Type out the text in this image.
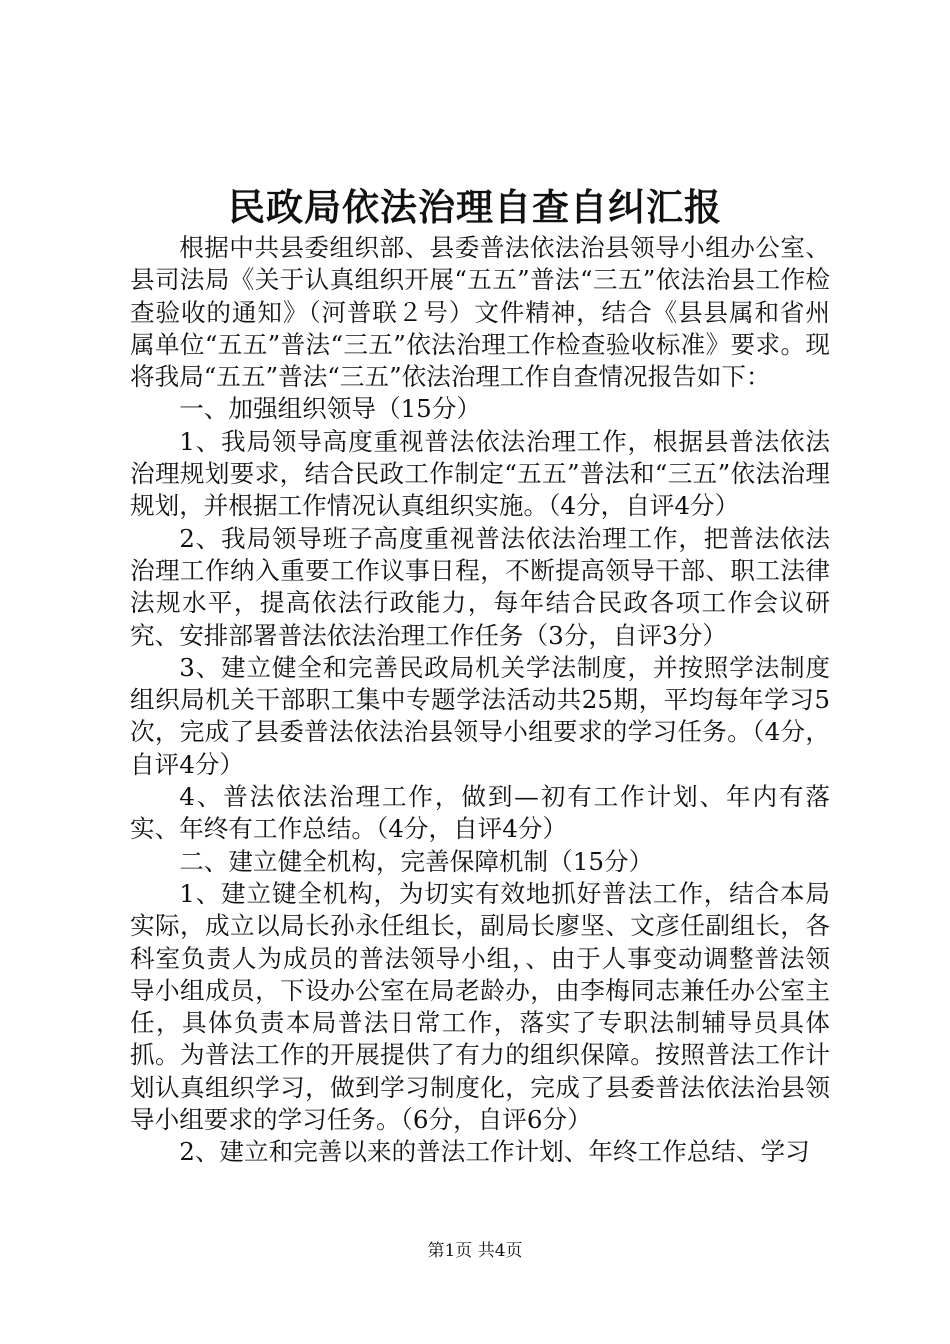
民政局依法治理自查自纠汇报

根据中共县委组织部、县委普法依法治县领导小组办公室、县司法局《关于认真组织开展“五五”普法“三五”依法治县工作检查验收的通知》（河普联２号）文件精神，结合《县县属和省州属单位“五五”普法“三五”依法治理工作检查验收标准》要求。现将我局“五五”普法“三五”依法治理工作自查情况报告如下：

一、加强组织领导（15分）

1、我局领导高度重视普法依法治理工作，根据县普法依法治理规划要求，结合民政工作制定“五五”普法和“三五”依法治理规划，并根据工作情况认真组织实施。（4分，自评4分）

2、我局领导班子高度重视普法依法治理工作，把普法依法治理工作纳入重要工作议事日程，不断提高领导干部、职工法律法规水平，提高依法行政能力，每年结合民政各项工作会议研究、安排部署普法依法治理工作任务（3分，自评3分）

3、建立健全和完善民政局机关学法制度，并按照学法制度组织局机关干部职工集中专题学法活动共25期，平均每年学习5次，完成了县委普法依法治县领导小组要求的学习任务。（4分，自评4分）

4、普法依法治理工作，做到—初有工作计划、年内有落实、年终有工作总结。（4分，自评4分）

二、建立健全机构，完善保障机制（15分）

1、建立键全机构，为切实有效地抓好普法工作，结合本局实际，成立以局长孙永任组长，副局长廖坚、文彦任副组长，各科室负责人为成员的普法领导小组，、由于人事变动调整普法领导小组成员，下设办公室在局老龄办，由李梅同志兼任办公室主任，具体负责本局普法日常工作，落实了专职法制辅导员具体抓。为普法工作的开展提供了有力的组织保障。按照普法工作计划认真组织学习，做到学习制度化，完成了县委普法依法治县领导小组要求的学习任务。（6分，自评6分）

2、建立和完善以来的普法工作计划、年终工作总结、学习

第1页 共4页
